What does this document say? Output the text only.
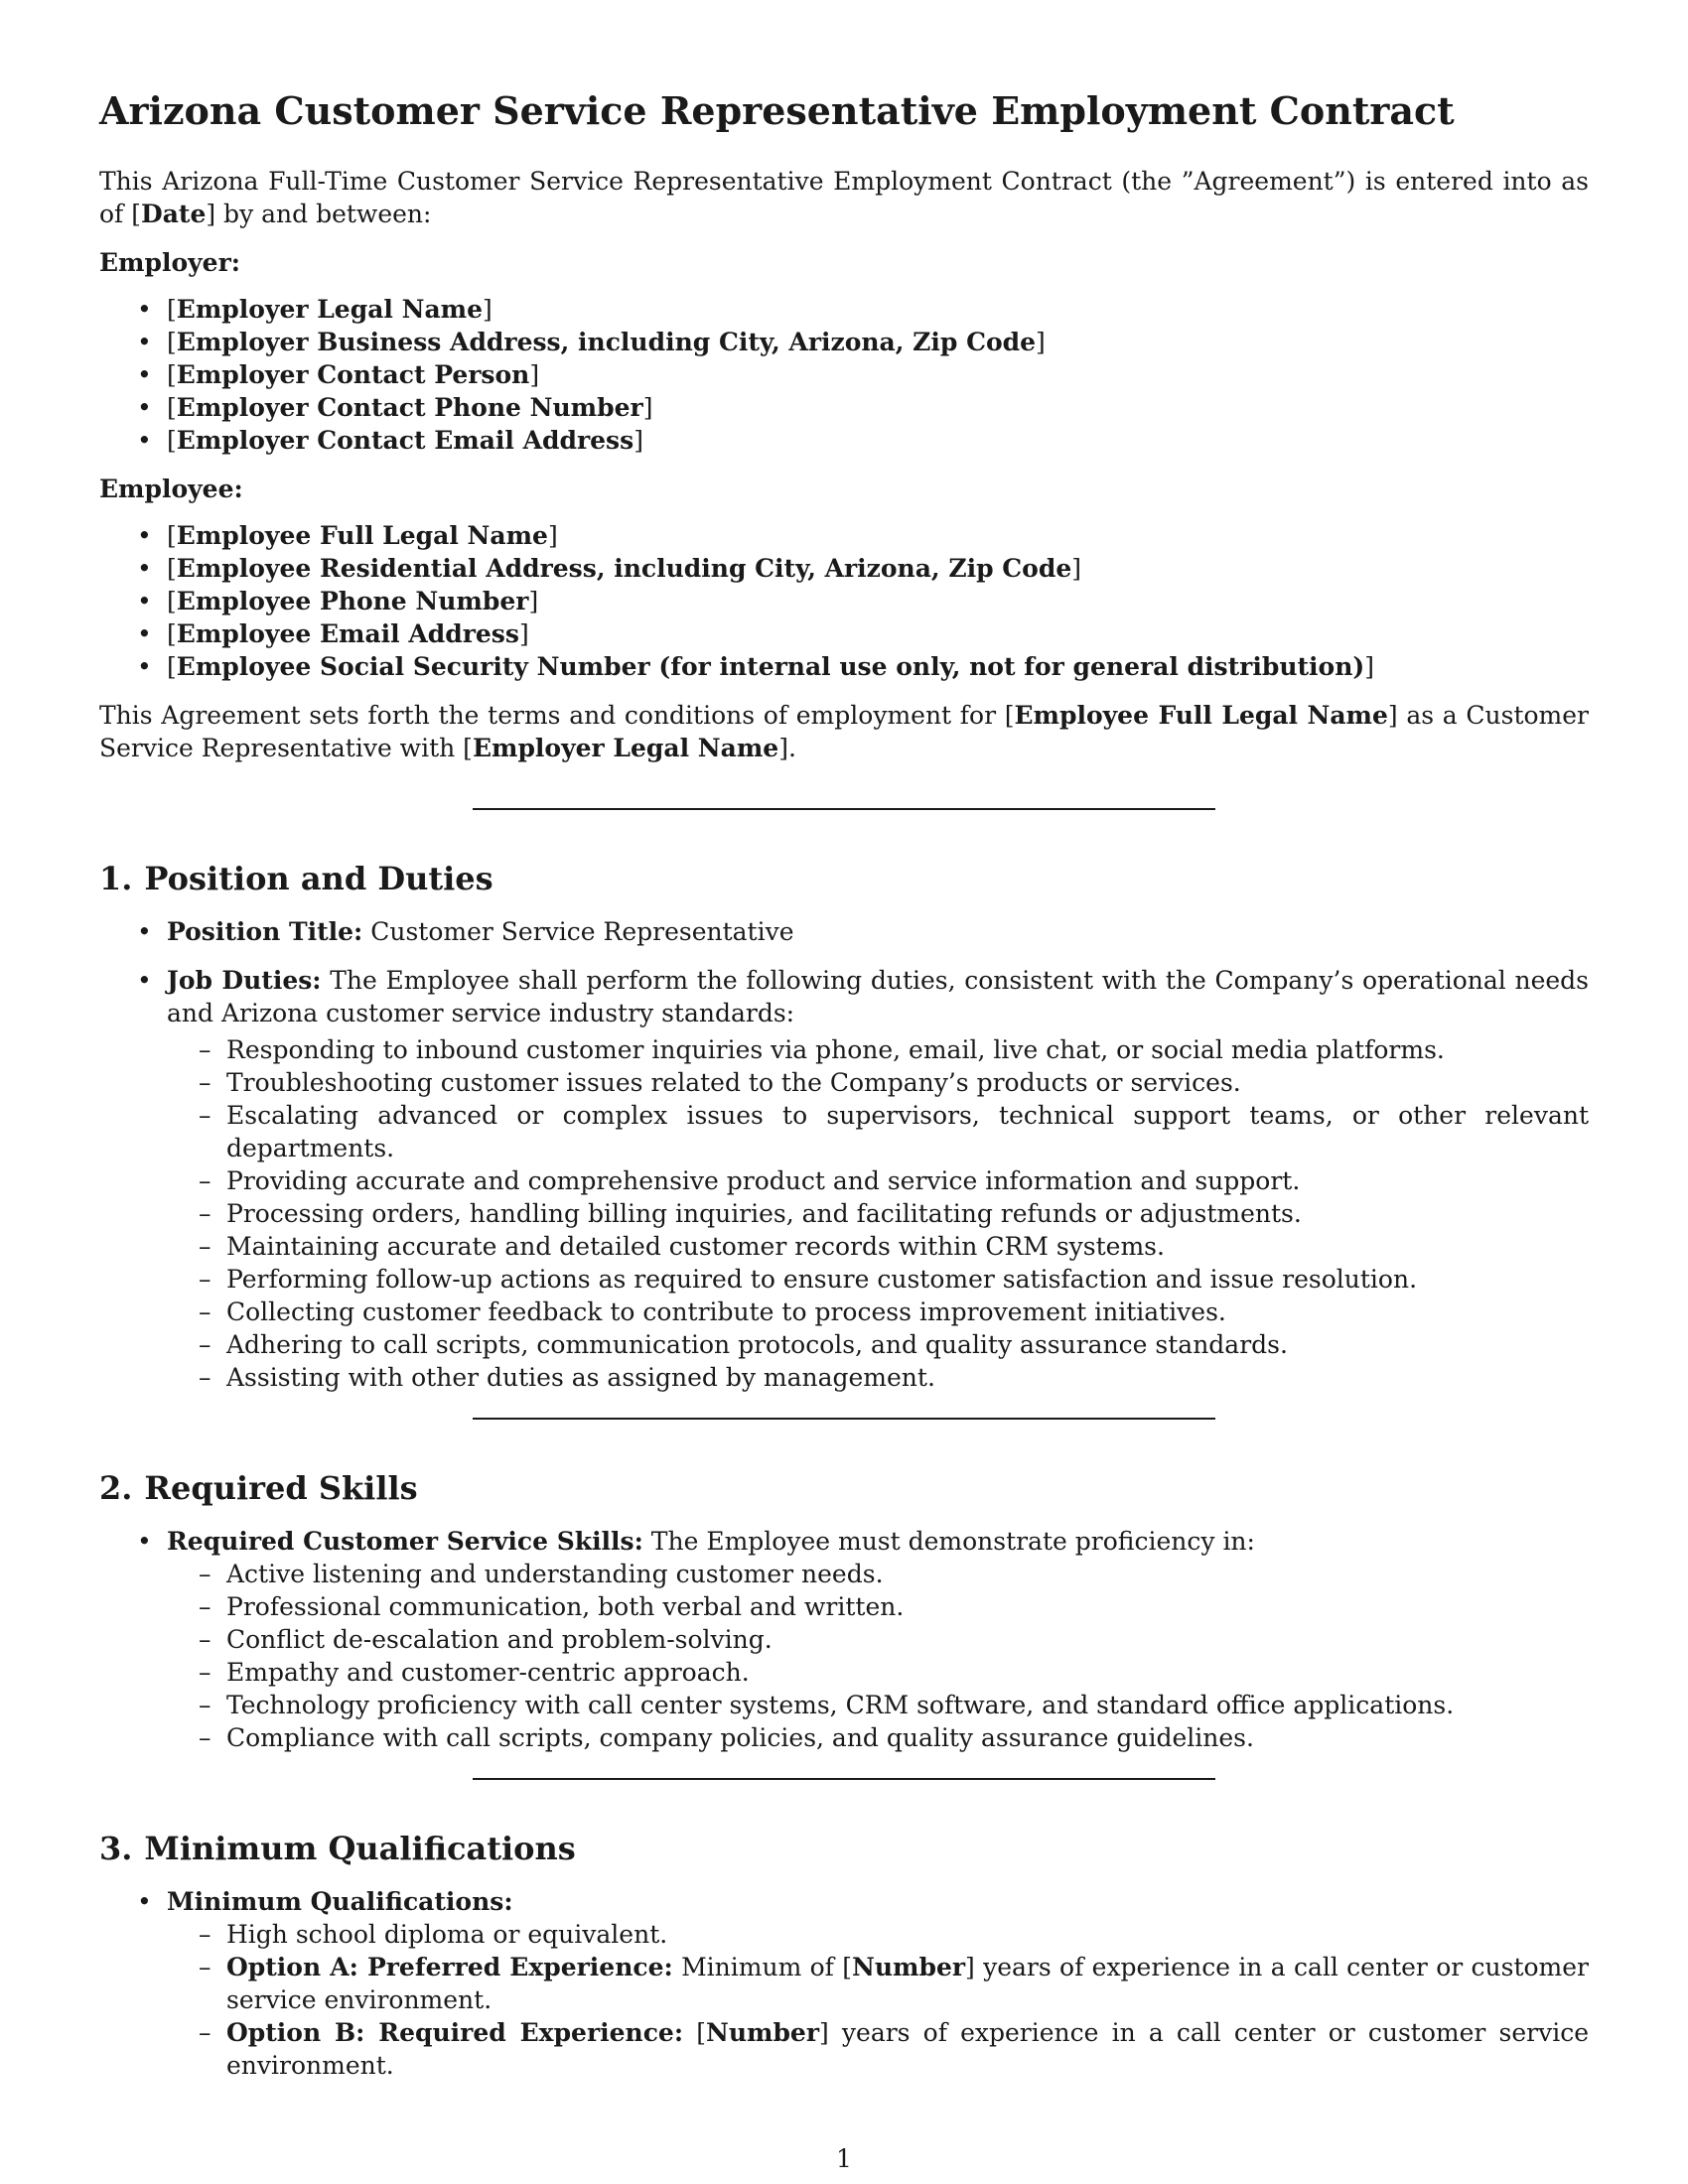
Arizona Customer Service Representative Employment Contract

This Arizona Full-Time Customer Service Representative Employment Contract (the ”Agreement”) is entered into as of [Date] by and between:

Employer:
• [Employer Legal Name]
• [Employer Business Address, including City, Arizona, Zip Code]
• [Employer Contact Person]
• [Employer Contact Phone Number]
• [Employer Contact Email Address]
Employee:
• [Employee Full Legal Name]
• [Employee Residential Address, including City, Arizona, Zip Code]
• [Employee Phone Number]
• [Employee Email Address]
• [Employee Social Security Number (for internal use only, not for general distribution)]

This Agreement sets forth the terms and conditions of employment for [Employee Full Legal Name] as a Customer Service Representative with [Employer Legal Name].

1. Position and Duties
• Position Title: Customer Service Representative
• Job Duties: The Employee shall perform the following duties, consistent with the Company’s operational needs and Arizona customer service industry standards:
– Responding to inbound customer inquiries via phone, email, live chat, or social media platforms.
– Troubleshooting customer issues related to the Company’s products or services.
– Escalating advanced or complex issues to supervisors, technical support teams, or other relevant departments.
– Providing accurate and comprehensive product and service information and support.
– Processing orders, handling billing inquiries, and facilitating refunds or adjustments.
– Maintaining accurate and detailed customer records within CRM systems.
– Performing follow-up actions as required to ensure customer satisfaction and issue resolution.
– Collecting customer feedback to contribute to process improvement initiatives.
– Adhering to call scripts, communication protocols, and quality assurance standards.
– Assisting with other duties as assigned by management.
2. Required Skills
• Required Customer Service Skills: The Employee must demonstrate proficiency in:
– Active listening and understanding customer needs.
– Professional communication, both verbal and written.
– Conflict de-escalation and problem-solving.
– Empathy and customer-centric approach.
– Technology proficiency with call center systems, CRM software, and standard office applications.
– Compliance with call scripts, company policies, and quality assurance guidelines.
3. Minimum Qualifications
• Minimum Qualifications:
– High school diploma or equivalent.
– Option A: Preferred Experience: Minimum of [Number] years of experience in a call center or customer service environment.
– Option B: Required Experience: [Number] years of experience in a call center or customer service environment.
1
